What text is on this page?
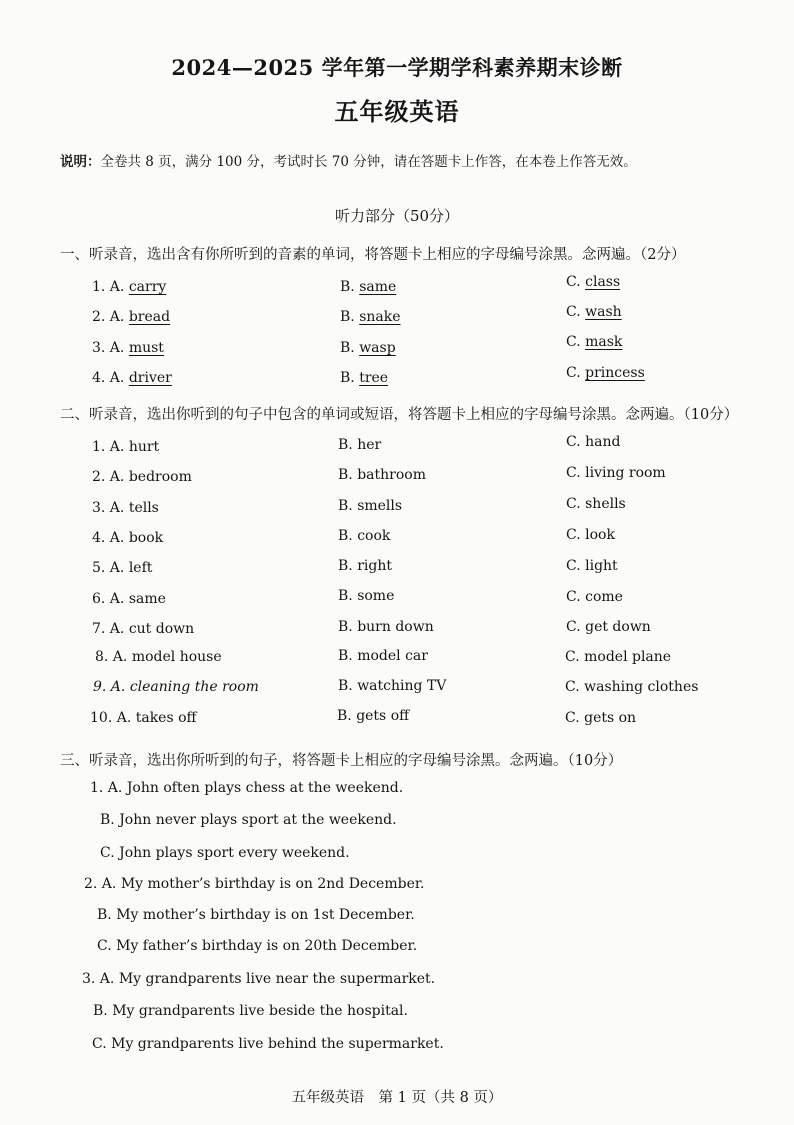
2024—2025 学年第一学期学科素养期末诊断
五年级英语
说明：全卷共 8 页，满分 100 分，考试时长 70 分钟，请在答题卡上作答，在本卷上作答无效。
听力部分（50分）
一、听录音，选出含有你所听到的音素的单词，将答题卡上相应的字母编号涂黑。念两遍。（2分）
1. A. carry	B. same	C. class
2. A. bread	B. snake	C. wash
3. A. must	B. wasp	C. mask
4. A. driver	B. tree	C. princess
二、听录音，选出你听到的句子中包含的单词或短语，将答题卡上相应的字母编号涂黑。念两遍。（10分）
1. A. hurt	B. her	C. hand
2. A. bedroom	B. bathroom	C. living room
3. A. tells	B. smells	C. shells
4. A. book	B. cook	C. look
5. A. left	B. right	C. light
6. A. same	B. some	C. come
7. A. cut down	B. burn down	C. get down
8. A. model house	B. model car	C. model plane
9. A. cleaning the room	B. watching TV	C. washing clothes
10. A. takes off	B. gets off	C. gets on
三、听录音，选出你所听到的句子，将答题卡上相应的字母编号涂黑。念两遍。（10分）
1. A. John often plays chess at the weekend.
B. John never plays sport at the weekend.
C. John plays sport every weekend.
2. A. My mother’s birthday is on 2nd December.
B. My mother’s birthday is on 1st December.
C. My father’s birthday is on 20th December.
3. A. My grandparents live near the supermarket.
B. My grandparents live beside the hospital.
C. My grandparents live behind the supermarket.
五年级英语　第 1 页（共 8 页）
